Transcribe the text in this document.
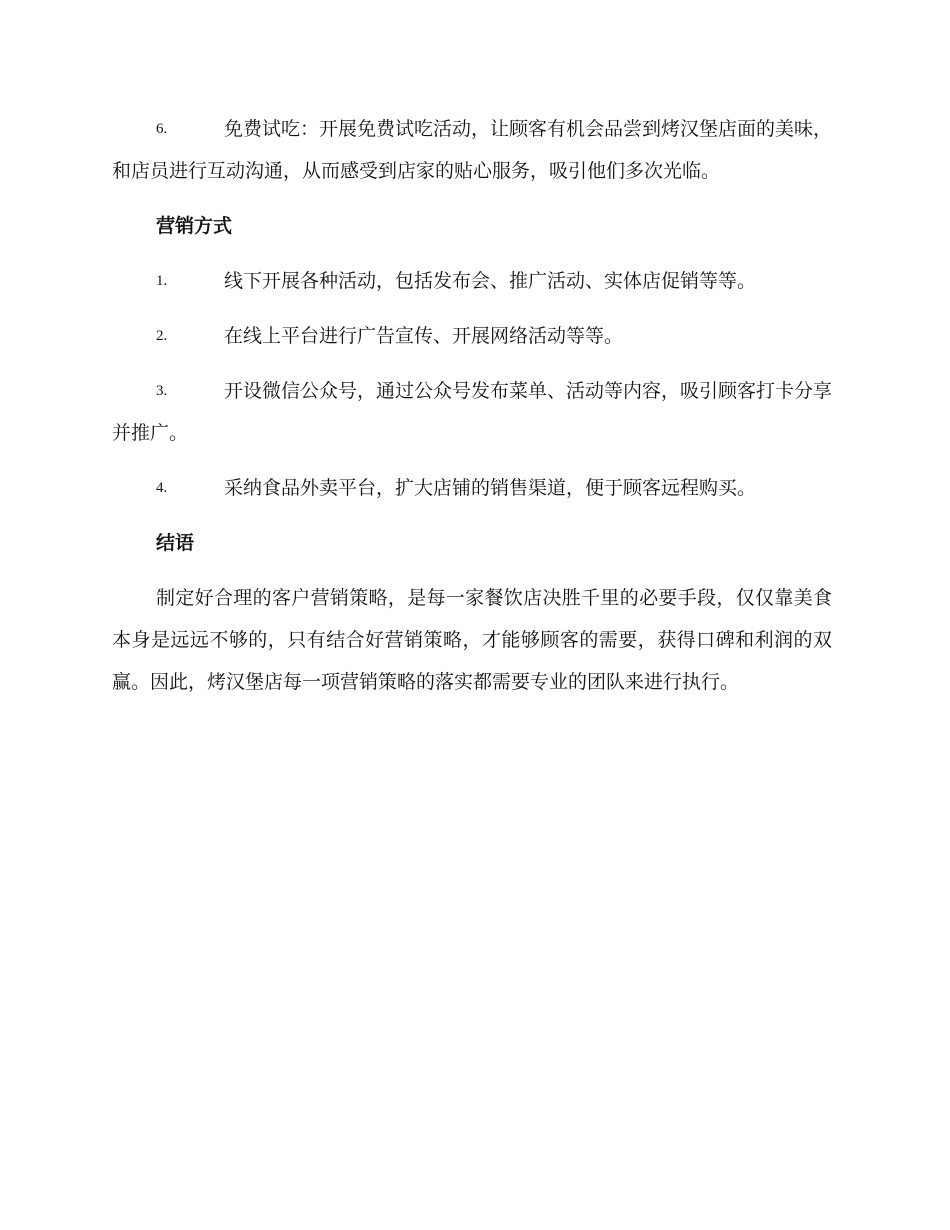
6.	免费试吃：开展免费试吃活动，让顾客有机会品尝到烤汉堡店面的美味，和店员进行互动沟通，从而感受到店家的贴心服务，吸引他们多次光临。

营销方式

1.	线下开展各种活动，包括发布会、推广活动、实体店促销等等。

2.	在线上平台进行广告宣传、开展网络活动等等。

3.	开设微信公众号，通过公众号发布菜单、活动等内容，吸引顾客打卡分享并推广。

4.	采纳食品外卖平台，扩大店铺的销售渠道，便于顾客远程购买。

结语

制定好合理的客户营销策略，是每一家餐饮店决胜千里的必要手段，仅仅靠美食本身是远远不够的，只有结合好营销策略，才能够顾客的需要，获得口碑和利润的双赢。因此，烤汉堡店每一项营销策略的落实都需要专业的团队来进行执行。
